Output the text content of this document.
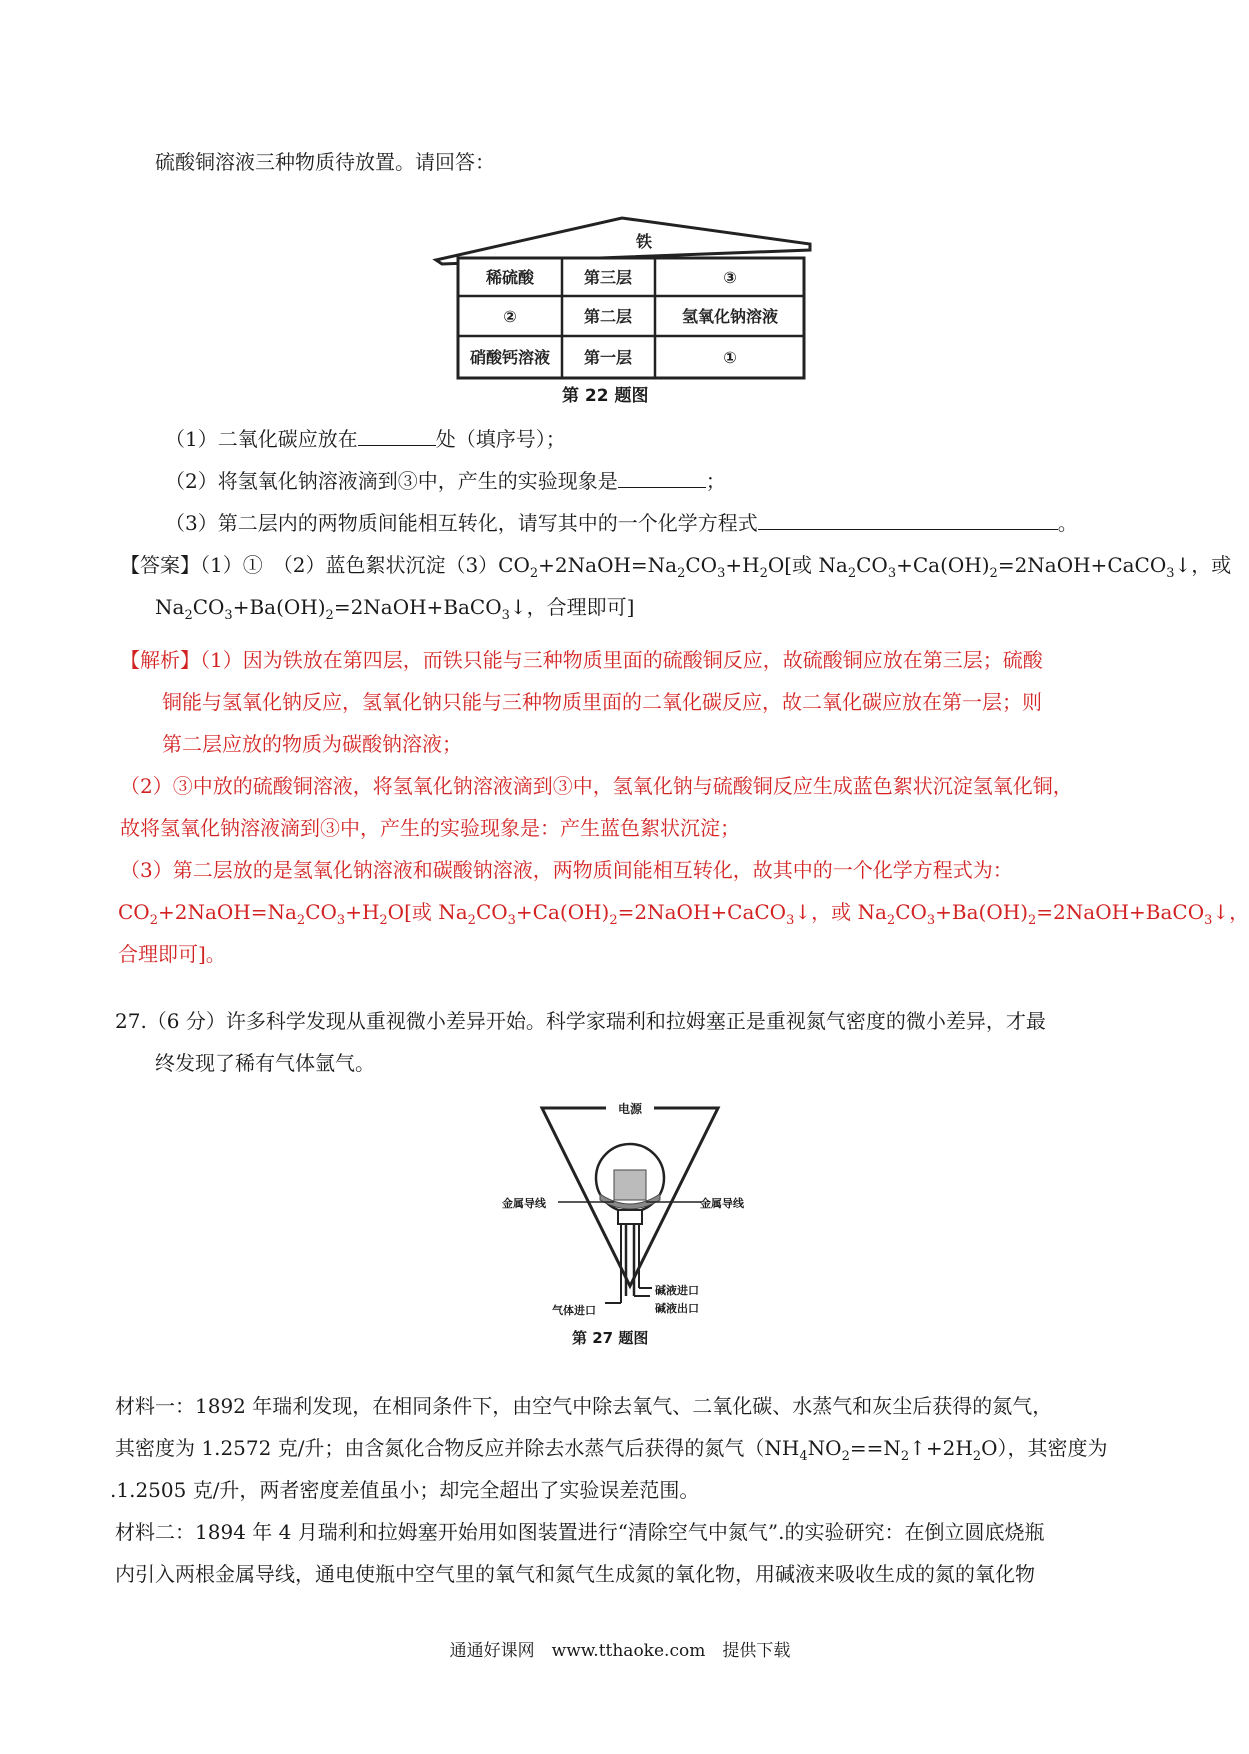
硫酸铜溶液三种物质待放置。请回答：
铁
稀硫酸	第三层	③
②	第二层	氢氧化钠溶液
硝酸钙溶液 第一层	①
第 22 题图
（1）二氧化碳应放在	处（填序号）；
（2）将氢氧化钠溶液滴到③中，产生的实验现象是	；
（3）第二层内的两物质间能相互转化，请写其中的一个化学方程式	。
【答案】（1）①　（2）蓝色絮状沉淀$(3)CO_2+2NaOH=Na_2CO_3+H_2O$[或 $Na_2CO_3+Ca(OH)_2=2NaOH+CaCO_3↓$，或
$Na_2CO_3+Ba(OH)_2=2NaOH+BaCO_3↓$，合理即可]
【解析】（1）因为铁放在第四层，而铁只能与三种物质里面的硫酸铜反应，故硫酸铜应放在第三层；硫酸
铜能与氢氧化钠反应，氢氧化钠只能与三种物质里面的二氧化碳反应，故二氧化碳应放在第一层；则
第二层应放的物质为碳酸钠溶液；
（2）③中放的硫酸铜溶液，将氢氧化钠溶液滴到③中，氢氧化钠与硫酸铜反应生成蓝色絮状沉淀氢氧化铜，
故将氢氧化钠溶液滴到③中，产生的实验现象是：产生蓝色絮状沉淀；
（3）第二层放的是氢氧化钠溶液和碳酸钠溶液，两物质间能相互转化，故其中的一个化学方程式为：
$CO_2+2NaOH=Na_2CO_3+H_2O$[或 $Na_2CO_3+Ca(OH)_2=2NaOH+CaCO_3↓$，或 $Na_2CO_3+Ba(OH)_2=2NaOH+BaCO_3↓$，
合理即可]。
27.（6 分）许多科学发现从重视微小差异开始。科学家瑞利和拉姆塞正是重视氮气密度的微小差异，才最
终发现了稀有气体氩气。
电源
金属导线	金属导线
碱液进口
碱液出口
气体进口
第 27 题图
材料一：1892 年瑞利发现，在相同条件下，由空气中除去氧气、二氧化碳、水蒸气和灰尘后获得的氮气，
其密度为 1.2572 克/升；由含氮化合物反应并除去水蒸气后获得的氮气$(NH_4NO_2==N_2↑+2H_2O)$，其密度为
.1.2505 克/升，两者密度差值虽小；却完全超出了实验误差范围。
材料二：1894 年 4 月瑞利和拉姆塞开始用如图装置进行“清除空气中氮气”.的实验研究：在倒立圆底烧瓶
内引入两根金属导线，通电使瓶中空气里的氧气和氮气生成氮的氧化物，用碱液来吸收生成的氮的氧化物
通通好课网　www.tthaoke.com　提供下载
